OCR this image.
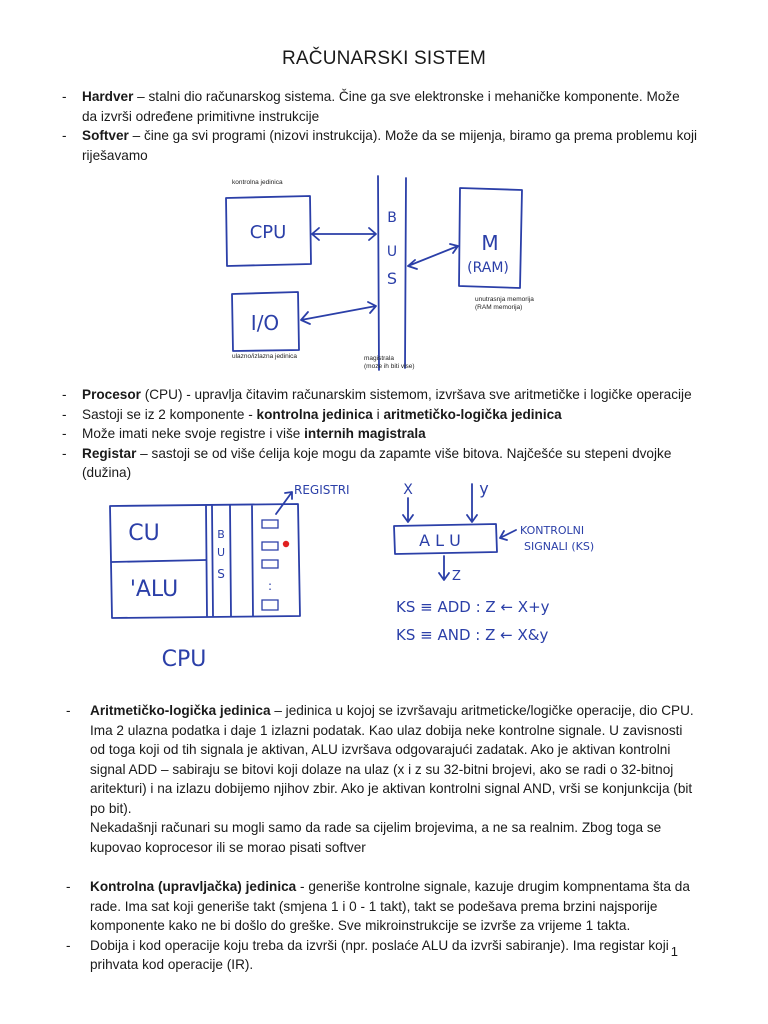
RAČUNARSKI SISTEM
- Hardver – stalni dio računarskog sistema. Čine ga sve elektronske i mehaničke komponente. Može da izvrši određene primitivne instrukcije
- Softver – čine ga svi programi (nizovi instrukcija). Može da se mijenja, biramo ga prema problemu koji riješavamo
kontrolna jedinica
CPU
I/O
B
U
S
M
(RAM)
unutrasnja memorija
(RAM memorija)
ulazno/izlazna jedinica	magistrala
(moze ih biti vise)
- Procesor (CPU) - upravlja čitavim računarskim sistemom, izvršava sve aritmetičke i logičke operacije
- Sastoji se iz 2 komponente - kontrolna jedinica i aritmetičko-logička jedinica
- Može imati neke svoje registre i više internih magistrala
- Registar – sastoji se od više ćelija koje mogu da zapamte više bitova. Najčešće su stepeni dvojke (dužina)
CU
'ALU
B
U
S
:
REGISTRI
CPU
X	y
A L U
KONTROLNI
SIGNALI (KS)
Z
KS ≡ ADD : Z ← X+y
KS ≡ AND : Z ← X&y
- Aritmetičko-logička jedinica – jedinica u kojoj se izvršavaju aritmeticke/logičke operacije, dio CPU. Ima 2 ulazna podatka i daje 1 izlazni podatak. Kao ulaz dobija neke kontrolne signale. U zavisnosti od toga koji od tih signala je aktivan, ALU izvršava odgovarajući zadatak. Ako je aktivan kontrolni signal ADD – sabiraju se bitovi koji dolaze na ulaz (x i z su 32-bitni brojevi, ako se radi o 32-bitnoj aritekturi) i na izlazu dobijemo njihov zbir. Ako je aktivan kontrolni signal AND, vrši se konjunkcija (bit po bit).
Nekadašnji računari su mogli samo da rade sa cijelim brojevima, a ne sa realnim. Zbog toga se kupovao koprocesor ili se morao pisati softver
- Kontrolna (upravljačka) jedinica - generiše kontrolne signale, kazuje drugim kompnentama šta da rade. Ima sat koji generiše takt (smjena 1 i 0 - 1 takt), takt se podešava prema brzini najsporije komponente kako ne bi došlo do greške. Sve mikroinstrukcije se izvrše za vrijeme 1 takta.
- Dobija i kod operacije koju treba da izvrši (npr. poslaće ALU da izvrši sabiranje). Ima registar koji prihvata kod operacije (IR).
1
